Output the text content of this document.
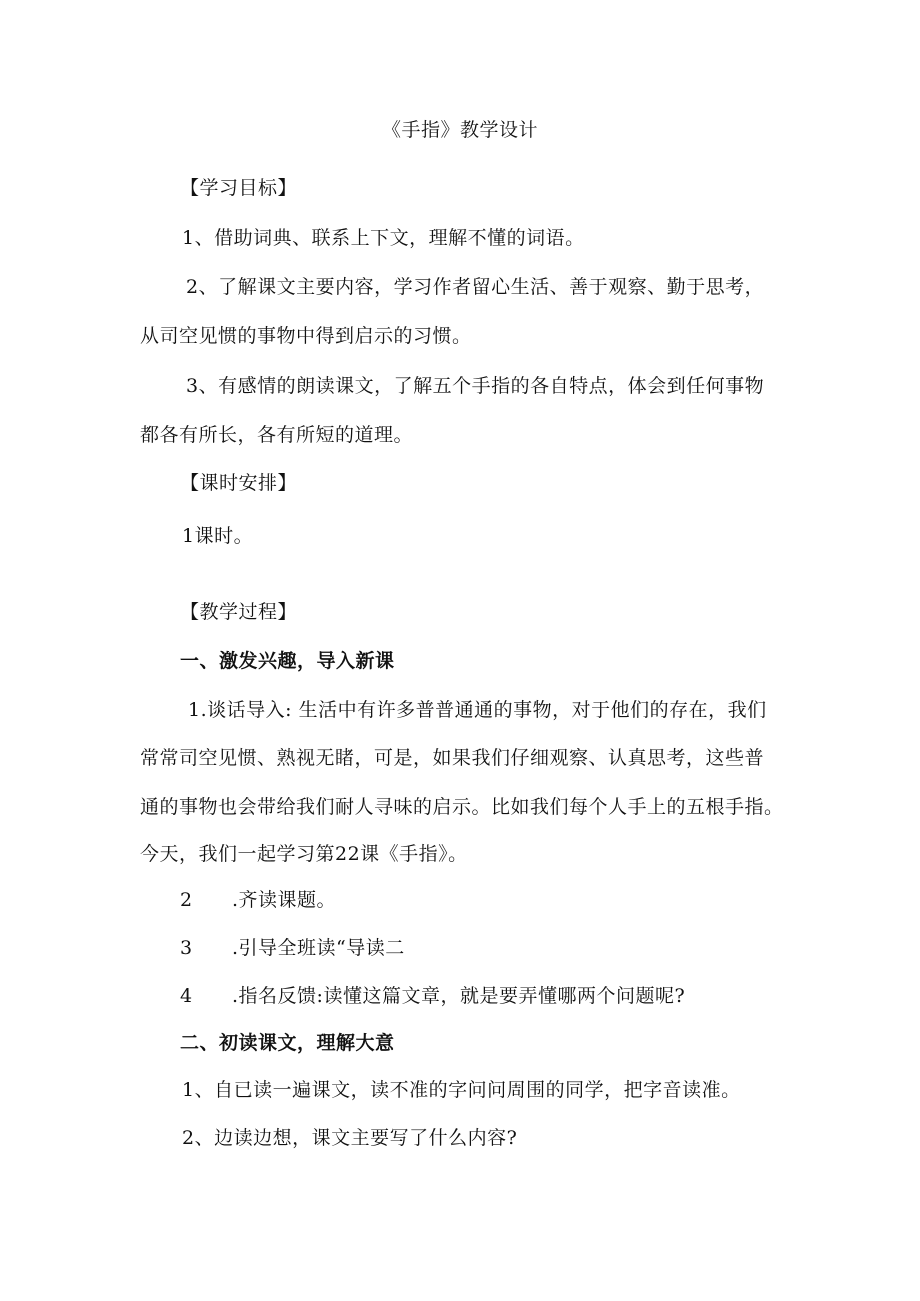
《手指》教学设计
【学习目标】
1、借助词典、联系上下文，理解不懂的词语。
2、了解课文主要内容，学习作者留心生活、善于观察、勤于思考，
从司空见惯的事物中得到启示的习惯。
3、有感情的朗读课文，了解五个手指的各自特点，体会到任何事物
都各有所长，各有所短的道理。
【课时安排】
1课时。
【教学过程】
一、激发兴趣，导入新课
1.谈话导入: 生活中有许多普普通通的事物，对于他们的存在，我们
常常司空见惯、熟视无睹，可是，如果我们仔细观察、认真思考，这些普
通的事物也会带给我们耐人寻味的启示。比如我们每个人手上的五根手指。
今天，我们一起学习第22课《手指》。
2 .齐读课题。
3 .引导全班读“导读二
4 .指名反馈:读懂这篇文章，就是要弄懂哪两个问题呢?
二、初读课文，理解大意
1、自已读一遍课文，读不准的字问问周围的同学，把字音读准。
2、边读边想，课文主要写了什么内容?
